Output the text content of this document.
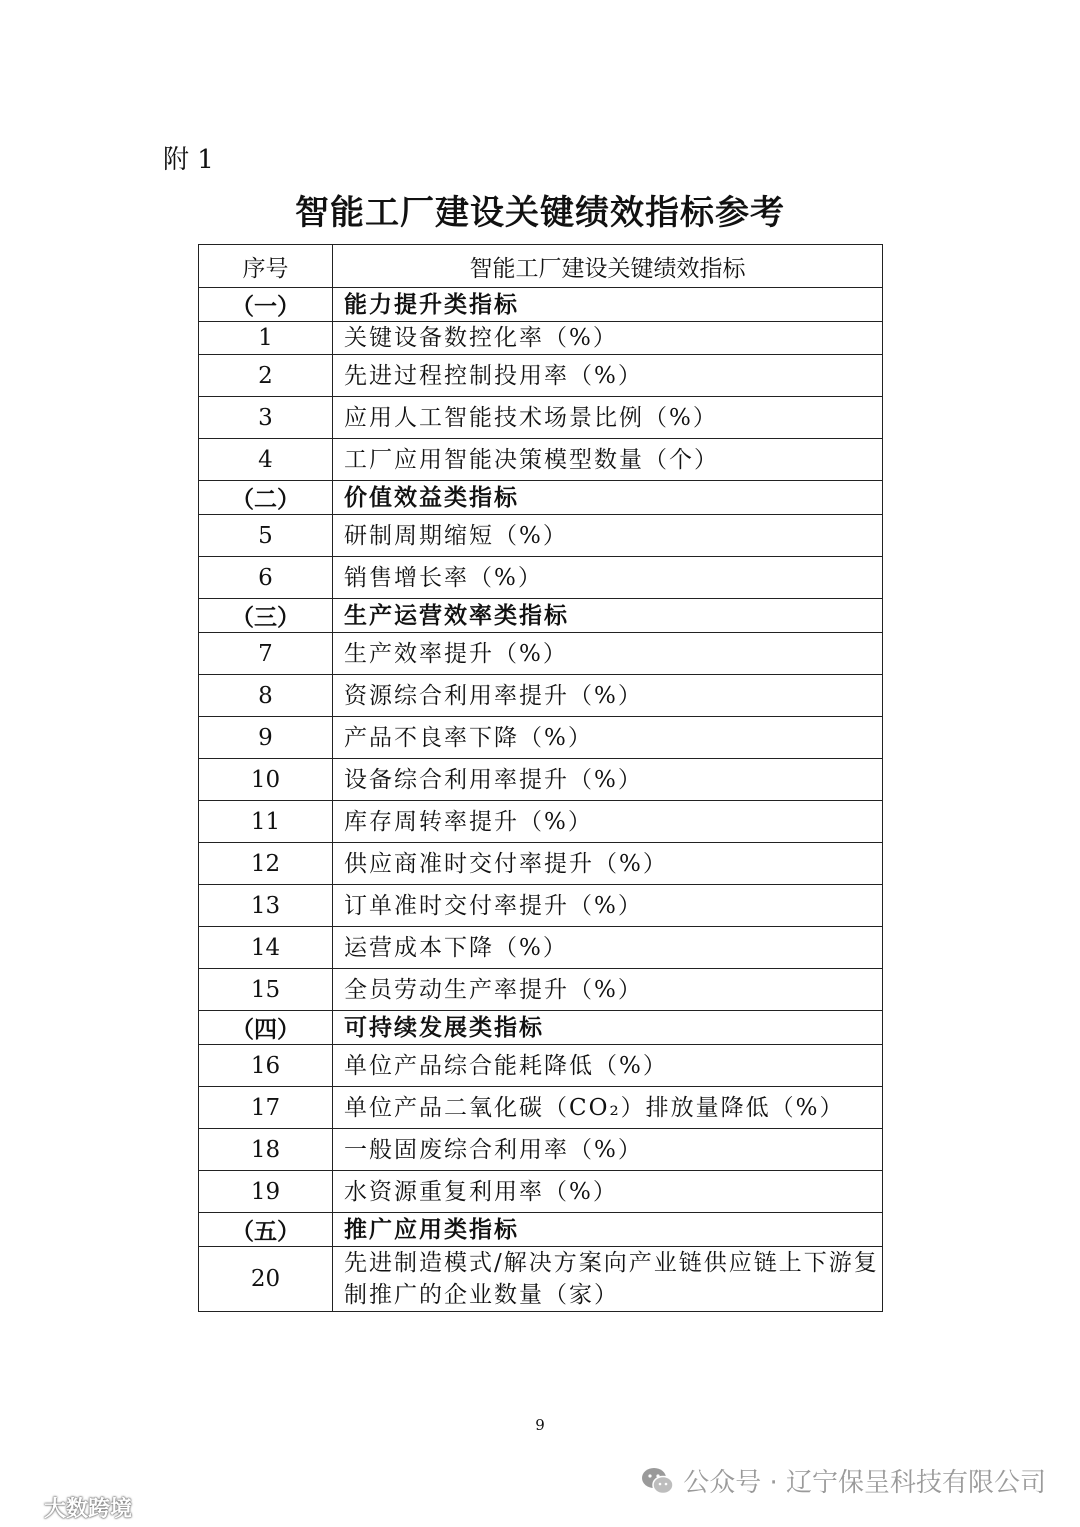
附 1
智能工厂建设关键绩效指标参考
序号	智能工厂建设关键绩效指标
（一）	能力提升类指标
1	关键设备数控化率（%）
2	先进过程控制投用率（%）
3	应用人工智能技术场景比例（%）
4	工厂应用智能决策模型数量（个）
（二）	价值效益类指标
5	研制周期缩短（%）
6	销售增长率（%）
（三）	生产运营效率类指标
7	生产效率提升（%）
8	资源综合利用率提升（%）
9	产品不良率下降（%）
10	设备综合利用率提升（%）
11	库存周转率提升（%）
12	供应商准时交付率提升（%）
13	订单准时交付率提升（%）
14	运营成本下降（%）
15	全员劳动生产率提升（%）
（四）	可持续发展类指标
16	单位产品综合能耗降低（%）
17	单位产品二氧化碳（CO₂）排放量降低（%）
18	一般固废综合利用率（%）
19	水资源重复利用率（%）
（五）	推广应用类指标
20	先进制造模式/解决方案向产业链供应链上下游复制推广的企业数量（家）
9
公众号 · 辽宁保呈科技有限公司
大数跨境
